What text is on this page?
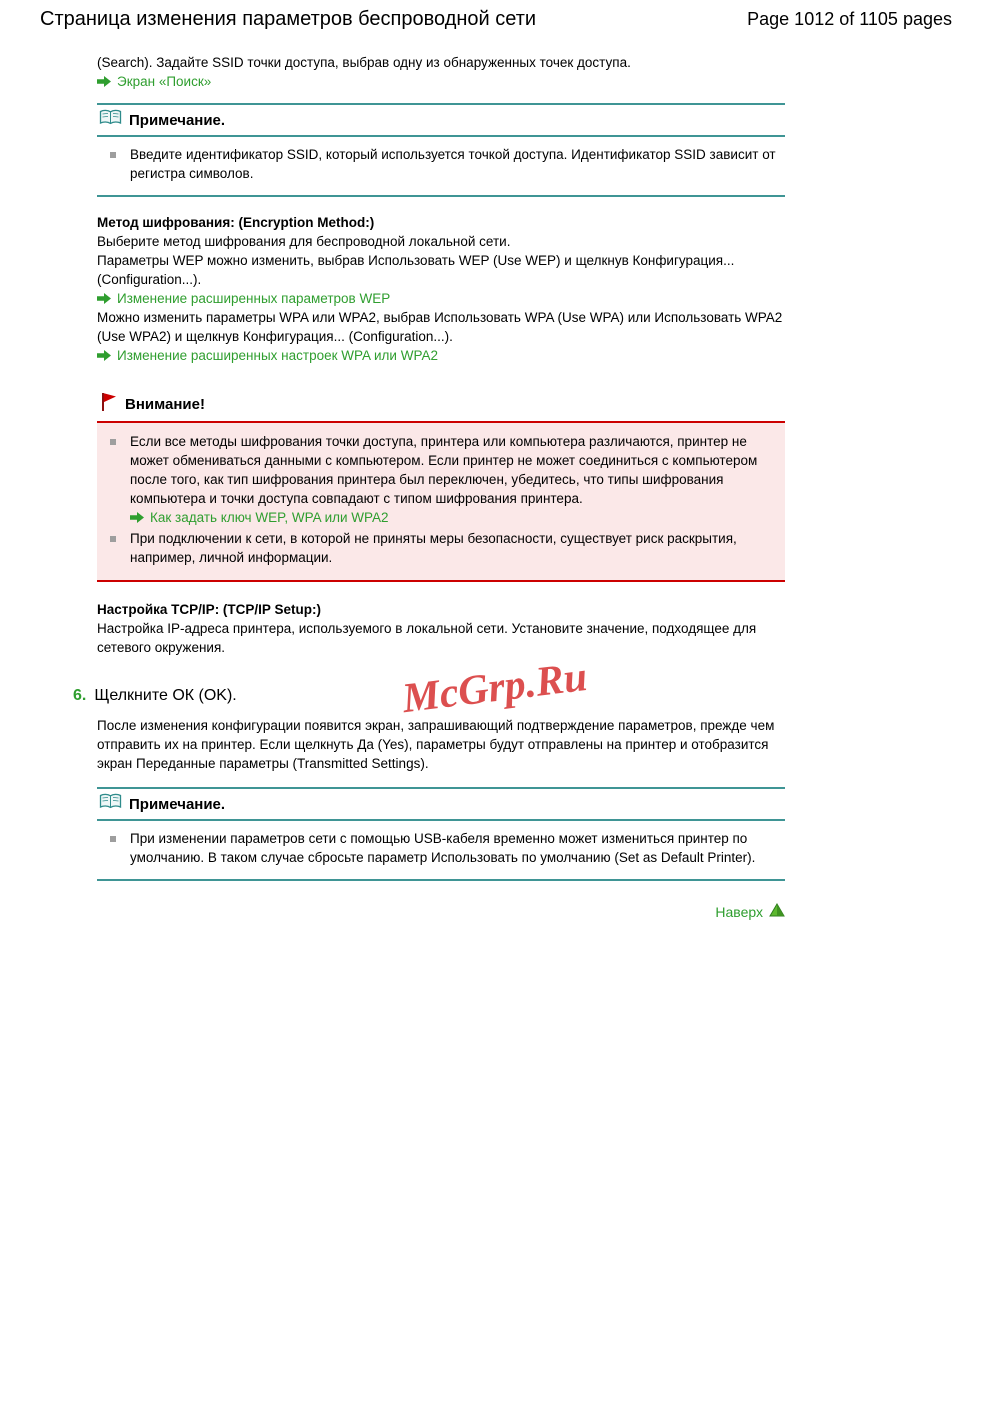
Страница изменения параметров беспроводной сети	Page 1012 of 1105 pages

(Search). Задайте SSID точки доступа, выбрав одну из обнаруженных точек доступа.

Экран «Поиск»
Примечание.
Введите идентификатор SSID, который используется точкой доступа. Идентификатор SSID зависит от регистра символов.
Метод шифрования: (Encryption Method:)

Выберите метод шифрования для беспроводной локальной сети.

Параметры WEP можно изменить, выбрав Использовать WEP (Use WEP) и щелкнув Конфигурация... (Configuration...).

Изменение расширенных параметров WEP

Можно изменить параметры WPA или WPA2, выбрав Использовать WPA (Use WPA) или Использовать WPA2 (Use WPA2) и щелкнув Конфигурация... (Configuration...).

Изменение расширенных настроек WPA или WPA2
Внимание!
Если все методы шифрования точки доступа, принтера или компьютера различаются, принтер не может обмениваться данными с компьютером. Если принтер не может соединиться с компьютером после того, как тип шифрования принтера был переключен, убедитесь, что типы шифрования компьютера и точки доступа совпадают с типом шифрования принтера.
Как задать ключ WEP, WPA или WPA2
При подключении к сети, в которой не приняты меры безопасности, существует риск раскрытия, например, личной информации.
Настройка TCP/IP: (TCP/IP Setup:)

Настройка IP-адреса принтера, используемого в локальной сети. Установите значение, подходящее для сетевого окружения.

6. Щелкните ОК (OK).

После изменения конфигурации появится экран, запрашивающий подтверждение параметров, прежде чем отправить их на принтер. Если щелкнуть Да (Yes), параметры будут отправлены на принтер и отобразится экран Переданные параметры (Transmitted Settings).

Примечание.
При изменении параметров сети с помощью USB-кабеля временно может измениться принтер по умолчанию. В таком случае сбросьте параметр Использовать по умолчанию (Set as Default Printer).
Наверх
McGrp.Ru
